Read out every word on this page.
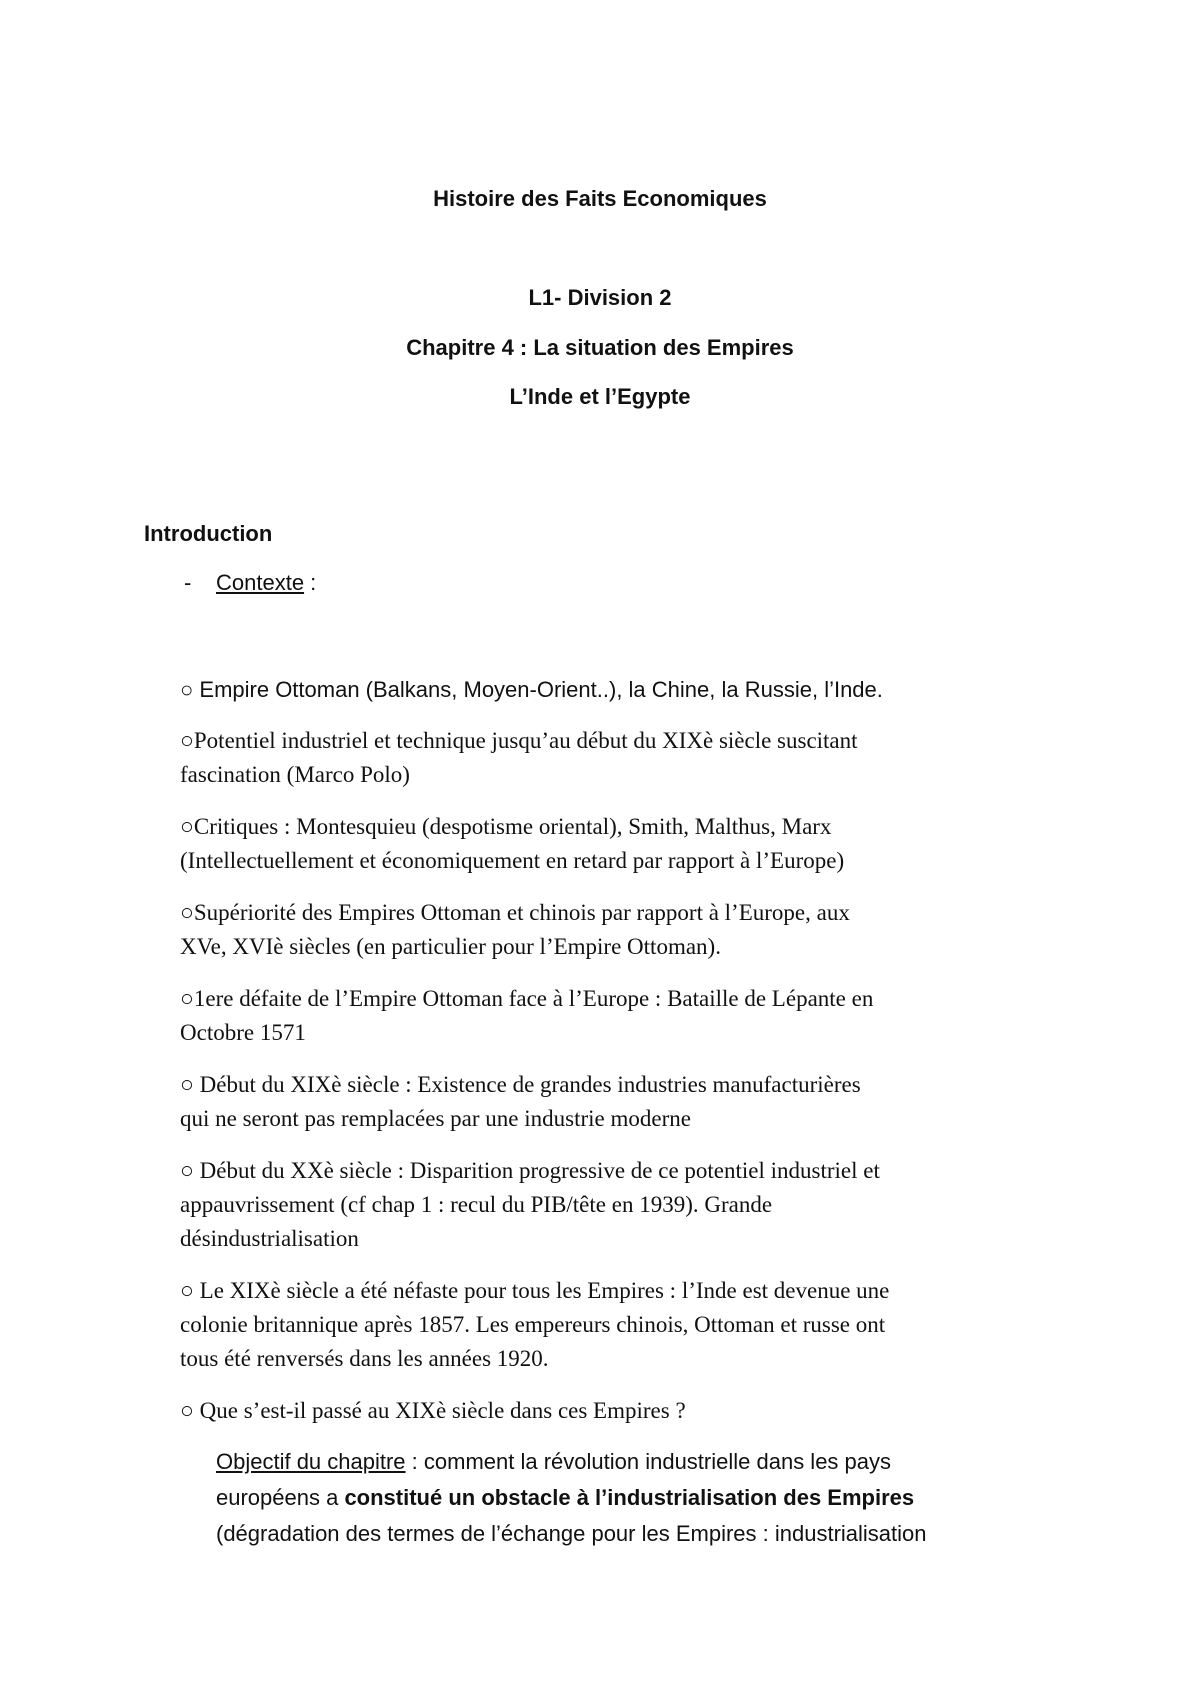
Histoire des Faits Economiques

L1- Division 2

Chapitre 4 : La situation des Empires

L’Inde et l’Egypte

Introduction

- Contexte :

○ Empire Ottoman (Balkans, Moyen-Orient..), la Chine, la Russie, l’Inde.

○Potentiel industriel et technique jusqu’au début du XIXè siècle suscitant

fascination (Marco Polo)

○Critiques : Montesquieu (despotisme oriental), Smith, Malthus, Marx

(Intellectuellement et économiquement en retard par rapport à l’Europe)

○Supériorité des Empires Ottoman et chinois par rapport à l’Europe, aux

XVe, XVIè siècles (en particulier pour l’Empire Ottoman).

○1ere défaite de l’Empire Ottoman face à l’Europe : Bataille de Lépante en

Octobre 1571

○ Début du XIXè siècle : Existence de grandes industries manufacturières

qui ne seront pas remplacées par une industrie moderne

○ Début du XXè siècle : Disparition progressive de ce potentiel industriel et

appauvrissement (cf chap 1 : recul du PIB/tête en 1939). Grande

désindustrialisation

○ Le XIXè siècle a été néfaste pour tous les Empires : l’Inde est devenue une

colonie britannique après 1857. Les empereurs chinois, Ottoman et russe ont

tous été renversés dans les années 1920.

○ Que s’est-il passé au XIXè siècle dans ces Empires ?

Objectif du chapitre : comment la révolution industrielle dans les pays

européens a constitué un obstacle à l’industrialisation des Empires

(dégradation des termes de l’échange pour les Empires : industrialisation
